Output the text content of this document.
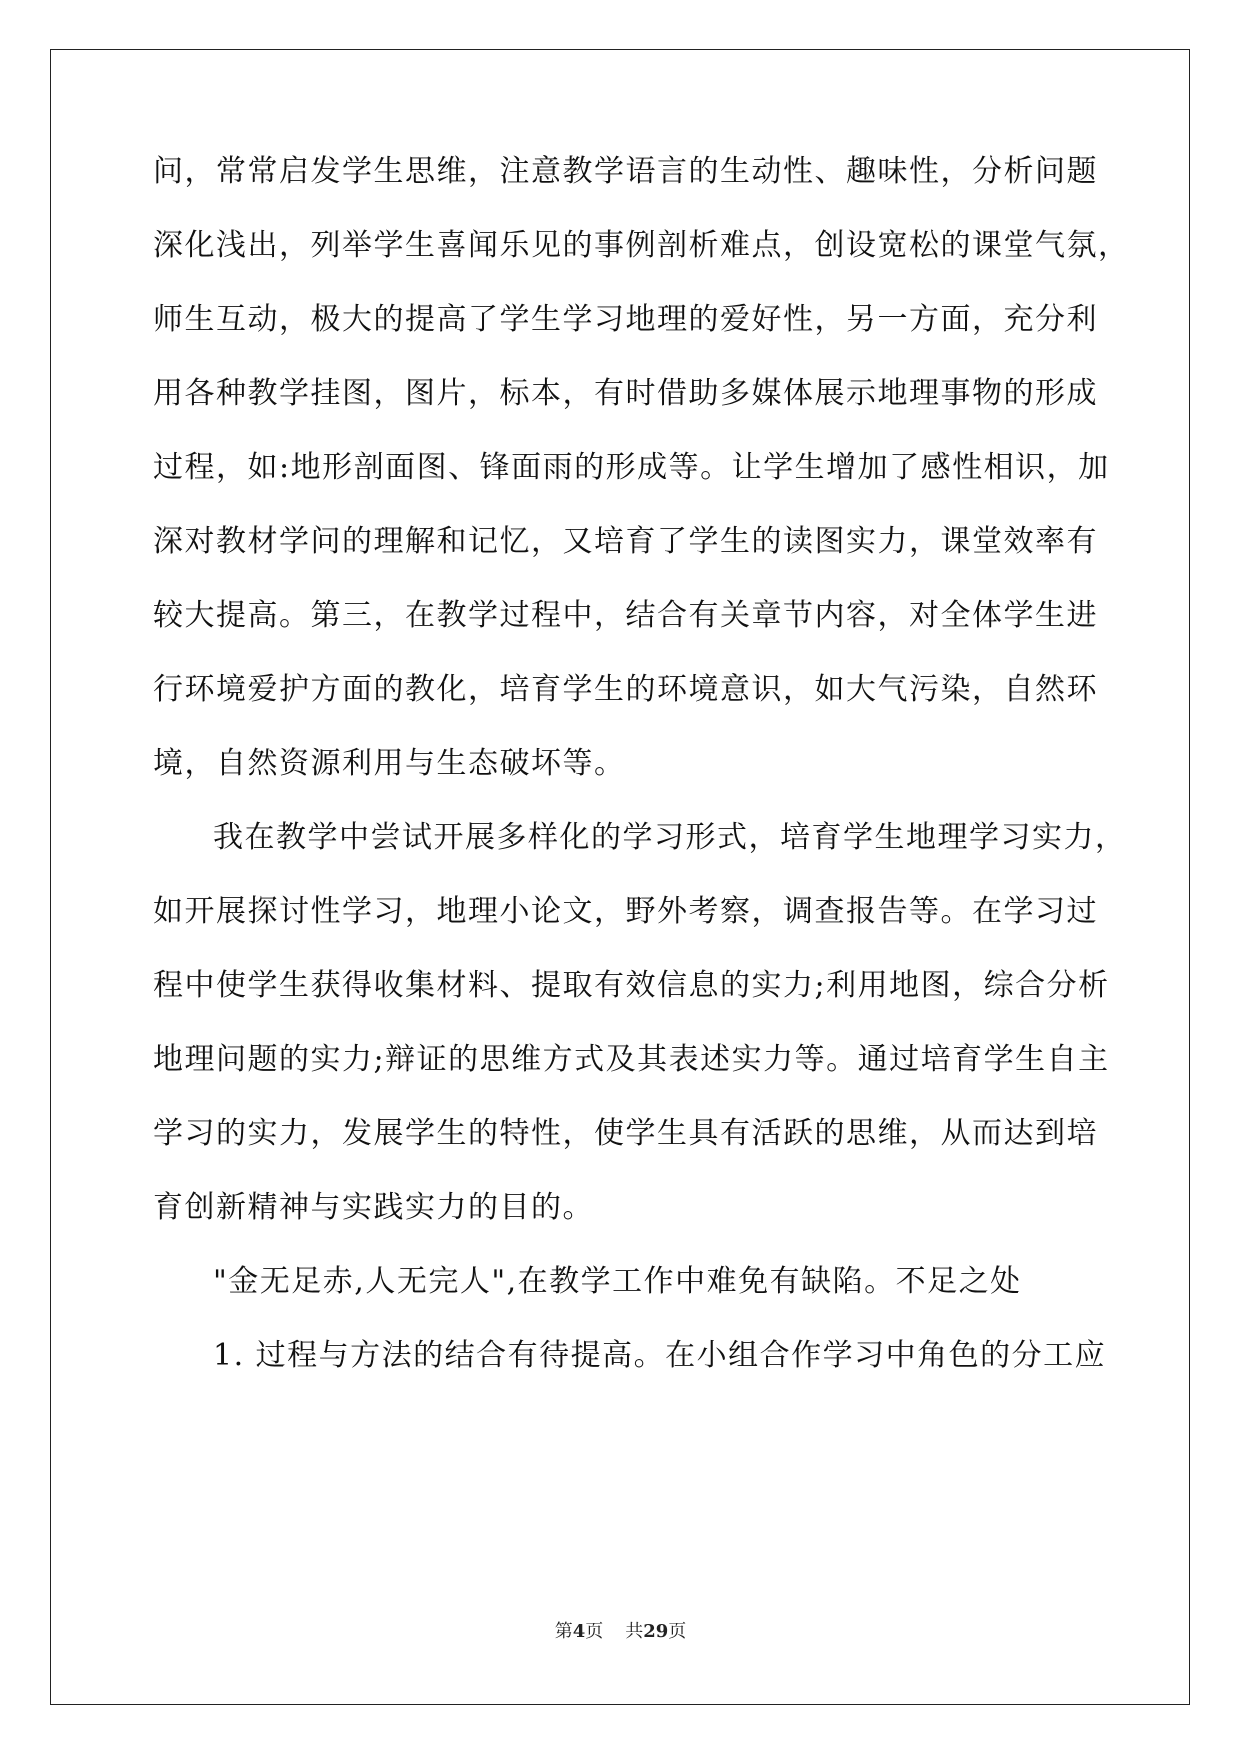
问，常常启发学生思维，注意教学语言的生动性、趣味性，分析问题
深化浅出，列举学生喜闻乐见的事例剖析难点，创设宽松的课堂气氛，
师生互动，极大的提高了学生学习地理的爱好性，另一方面，充分利
用各种教学挂图，图片，标本，有时借助多媒体展示地理事物的形成
过程，如:地形剖面图、锋面雨的形成等。让学生增加了感性相识，加
深对教材学问的理解和记忆，又培育了学生的读图实力，课堂效率有
较大提高。第三，在教学过程中，结合有关章节内容，对全体学生进
行环境爱护方面的教化，培育学生的环境意识，如大气污染，自然环
境，自然资源利用与生态破坏等。
我在教学中尝试开展多样化的学习形式，培育学生地理学习实力，
如开展探讨性学习，地理小论文，野外考察，调查报告等。在学习过
程中使学生获得收集材料、提取有效信息的实力;利用地图，综合分析
地理问题的实力;辩证的思维方式及其表述实力等。通过培育学生自主
学习的实力，发展学生的特性，使学生具有活跃的思维，从而达到培
育创新精神与实践实力的目的。
"金无足赤,人无完人",在教学工作中难免有缺陷。不足之处
1. 过程与方法的结合有待提高。在小组合作学习中角色的分工应
第4页 共29页
